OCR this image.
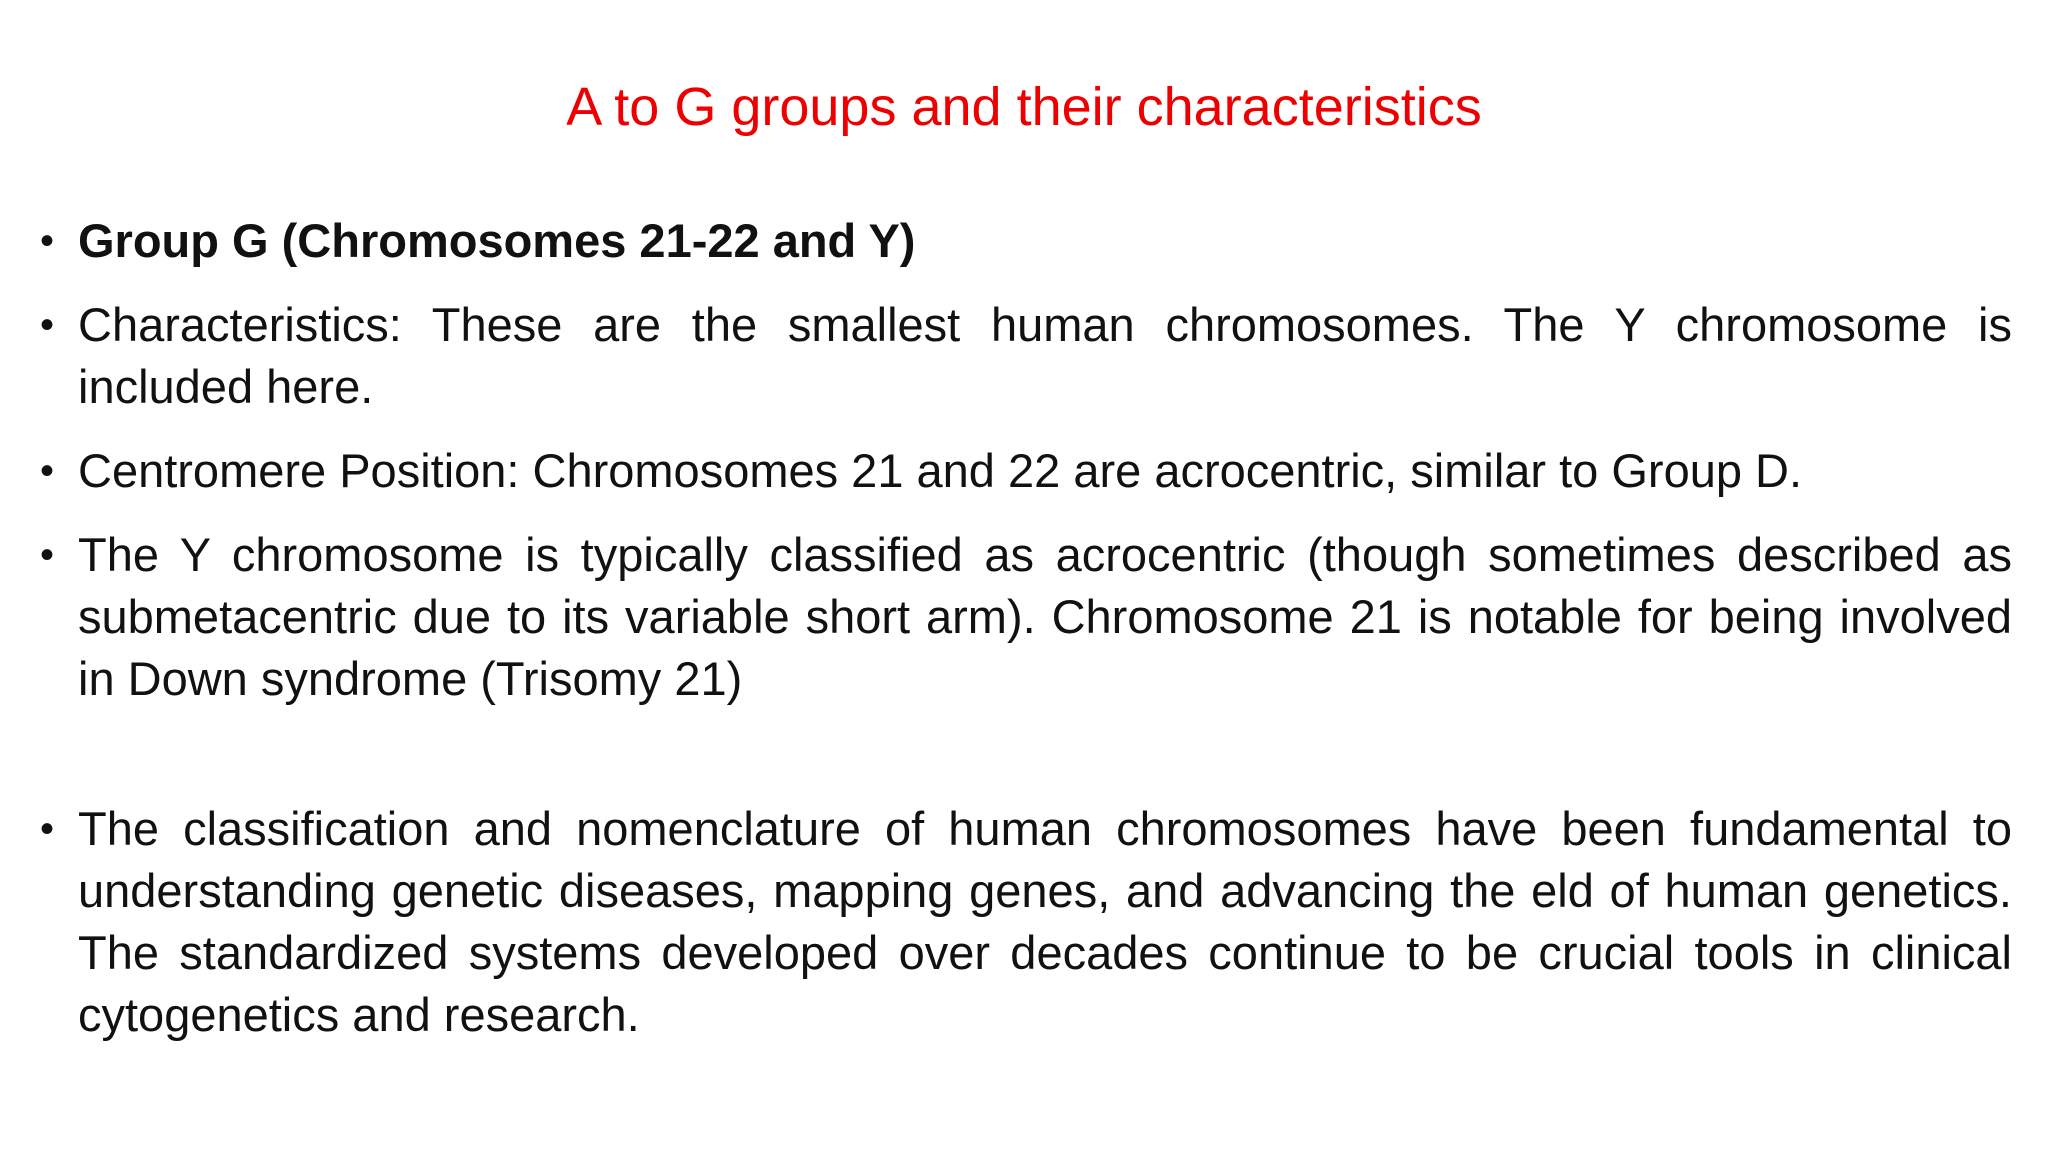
A to G groups and their characteristics
• Group G (Chromosomes 21-22 and Y)
• Characteristics: These are the smallest human chromosomes. The Y chromosome is included here.
• Centromere Position: Chromosomes 21 and 22 are acrocentric, similar to Group D.
• The Y chromosome is typically classified as acrocentric (though sometimes described as submetacentric due to its variable short arm). Chromosome 21 is notable for being involved in Down syndrome (Trisomy 21)
• The classification and nomenclature of human chromosomes have been fundamental to understanding genetic diseases, mapping genes, and advancing the eld of human genetics. The standardized systems developed over decades continue to be crucial tools in clinical cytogenetics and research.
